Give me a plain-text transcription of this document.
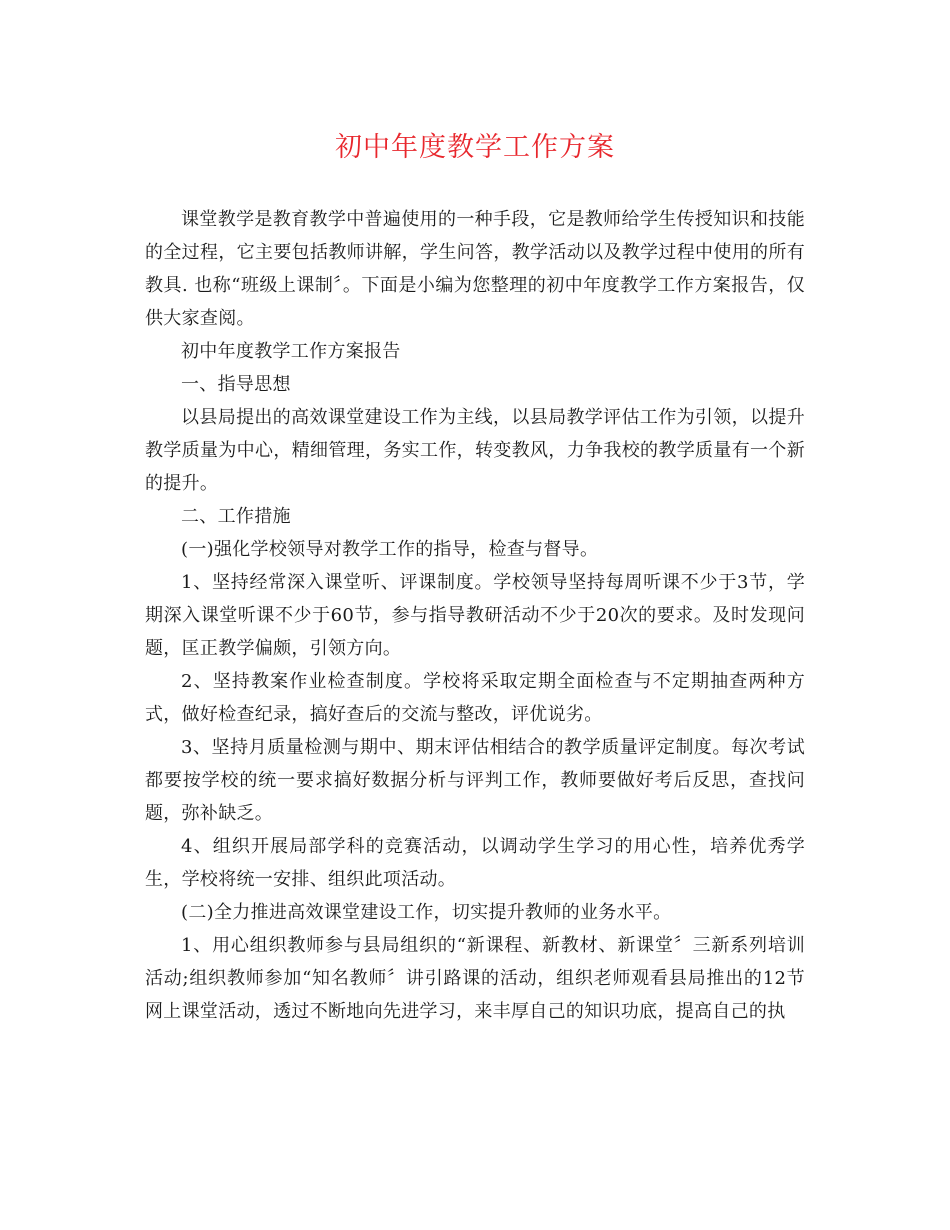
初中年度教学工作方案

课堂教学是教育教学中普遍使用的一种手段，它是教师给学生传授知识和技能的全过程，它主要包括教师讲解，学生问答，教学活动以及教学过程中使用的所有教具. 也称“班级上课制〞。下面是小编为您整理的初中年度教学工作方案报告，仅供大家查阅。

初中年度教学工作方案报告

一、指导思想

以县局提出的高效课堂建设工作为主线，以县局教学评估工作为引领，以提升教学质量为中心，精细管理，务实工作，转变教风，力争我校的教学质量有一个新的提升。

二、工作措施

(一)强化学校领导对教学工作的指导，检查与督导。

1、坚持经常深入课堂听、评课制度。学校领导坚持每周听课不少于3节，学期深入课堂听课不少于60节，参与指导教研活动不少于20次的要求。及时发现问题，匡正教学偏颇，引领方向。

2、坚持教案作业检查制度。学校将采取定期全面检查与不定期抽查两种方式，做好检查纪录，搞好查后的交流与整改，评优说劣。

3、坚持月质量检测与期中、期末评估相结合的教学质量评定制度。每次考试都要按学校的统一要求搞好数据分析与评判工作，教师要做好考后反思，查找问题，弥补缺乏。

4、组织开展局部学科的竞赛活动，以调动学生学习的用心性，培养优秀学生，学校将统一安排、组织此项活动。

(二)全力推进高效课堂建设工作，切实提升教师的业务水平。

1、用心组织教师参与县局组织的“新课程、新教材、新课堂〞三新系列培训活动;组织教师参加“知名教师〞讲引路课的活动，组织老师观看县局推出的12节网上课堂活动，透过不断地向先进学习，来丰厚自己的知识功底，提高自己的执
